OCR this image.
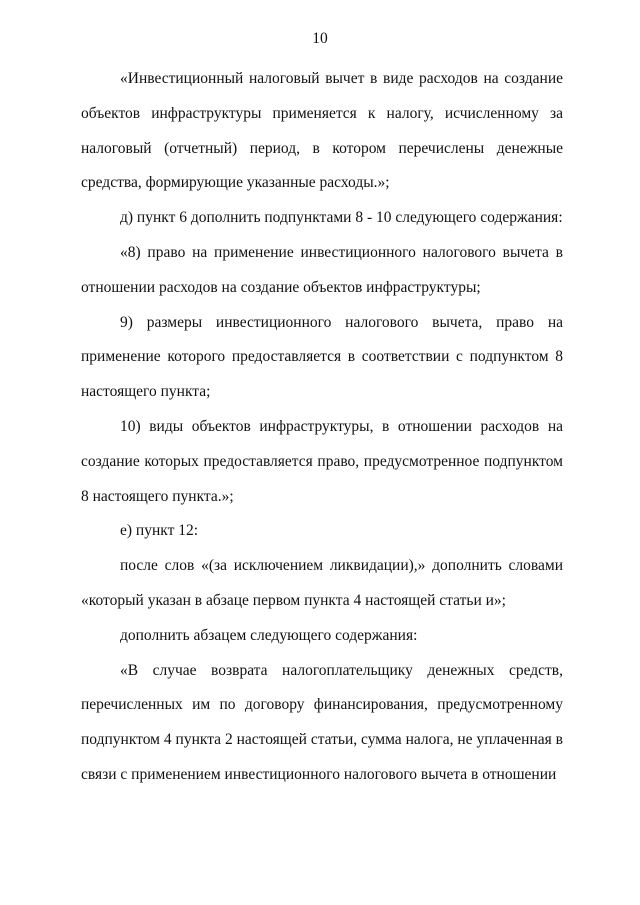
10

«Инвестиционный налоговый вычет в виде расходов на создание объектов инфраструктуры применяется к налогу, исчисленному за налоговый (отчетный) период, в котором перечислены денежные средства, формирующие указанные расходы.»;

д) пункт 6 дополнить подпунктами 8 - 10 следующего содержания:

«8) право на применение инвестиционного налогового вычета в отношении расходов на создание объектов инфраструктуры;

9) размеры инвестиционного налогового вычета, право на применение которого предоставляется в соответствии с подпунктом 8 настоящего пункта;

10) виды объектов инфраструктуры, в отношении расходов на создание которых предоставляется право, предусмотренное подпунктом 8 настоящего пункта.»;

е) пункт 12:

после слов «(за исключением ликвидации),» дополнить словами «который указан в абзаце первом пункта 4 настоящей статьи и»;

дополнить абзацем следующего содержания:

«В случае возврата налогоплательщику денежных средств, перечисленных им по договору финансирования, предусмотренному подпунктом 4 пункта 2 настоящей статьи, сумма налога, не уплаченная в связи с применением инвестиционного налогового вычета в отношении
